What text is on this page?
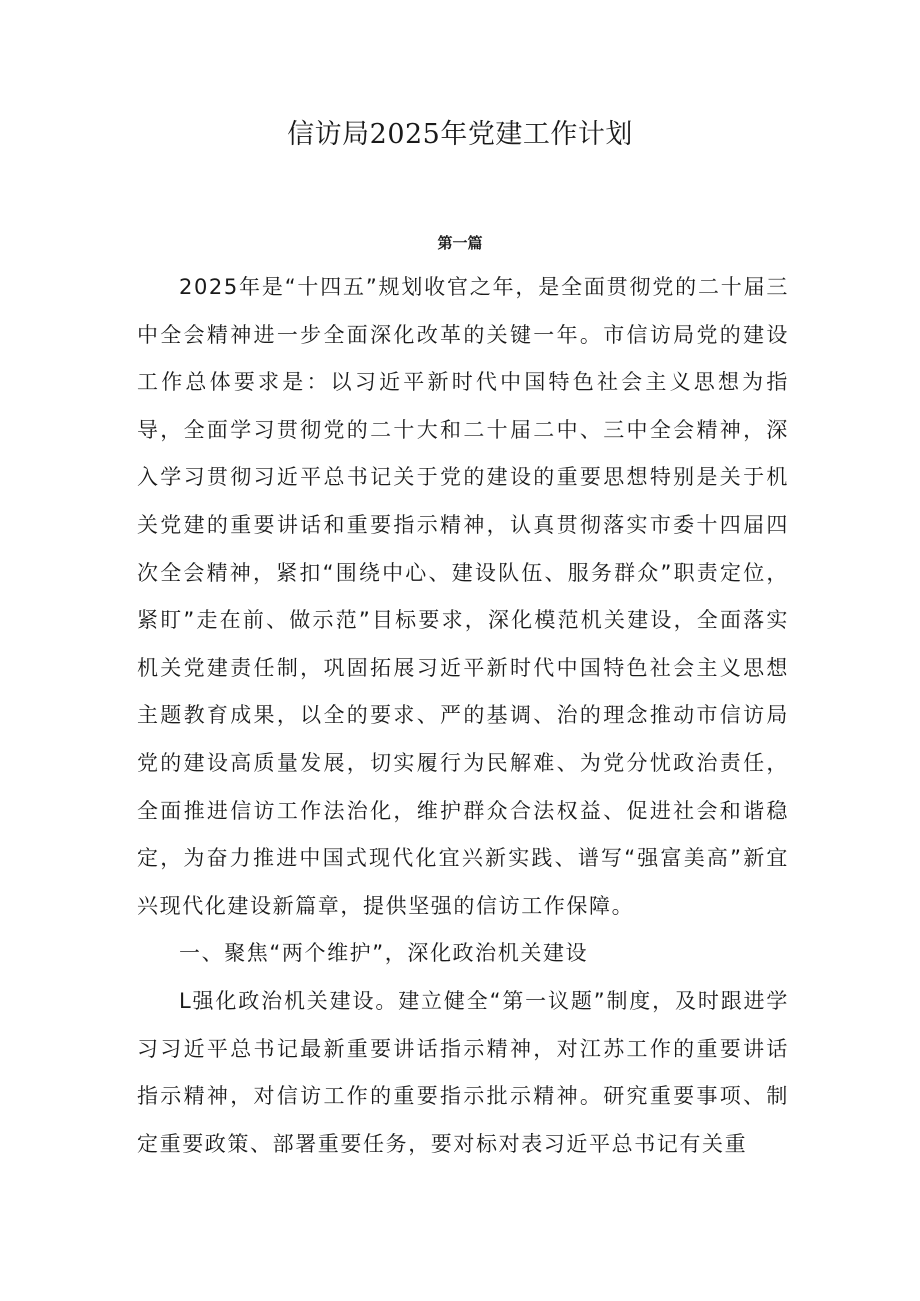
信访局2025年党建工作计划
第一篇

2025年是“十四五”规划收官之年，是全面贯彻党的二十届三中全会精神进一步全面深化改革的关键一年。市信访局党的建设工作总体要求是：以习近平新时代中国特色社会主义思想为指导，全面学习贯彻党的二十大和二十届二中、三中全会精神，深入学习贯彻习近平总书记关于党的建设的重要思想特别是关于机关党建的重要讲话和重要指示精神，认真贯彻落实市委十四届四次全会精神，紧扣“围绕中心、建设队伍、服务群众”职责定位，紧盯”走在前、做示范”目标要求，深化模范机关建设，全面落实机关党建责任制，巩固拓展习近平新时代中国特色社会主义思想主题教育成果，以全的要求、严的基调、治的理念推动市信访局党的建设高质量发展，切实履行为民解难、为党分忧政治责任，全面推进信访工作法治化，维护群众合法权益、促进社会和谐稳定，为奋力推进中国式现代化宜兴新实践、谱写“强富美高”新宜兴现代化建设新篇章，提供坚强的信访工作保障。

一、聚焦“两个维护”，深化政治机关建设

L强化政治机关建设。建立健全“第一议题”制度，及时跟进学习习近平总书记最新重要讲话指示精神，对江苏工作的重要讲话指示精神，对信访工作的重要指示批示精神。研究重要事项、制定重要政策、部署重要任务，要对标对表习近平总书记有关重
